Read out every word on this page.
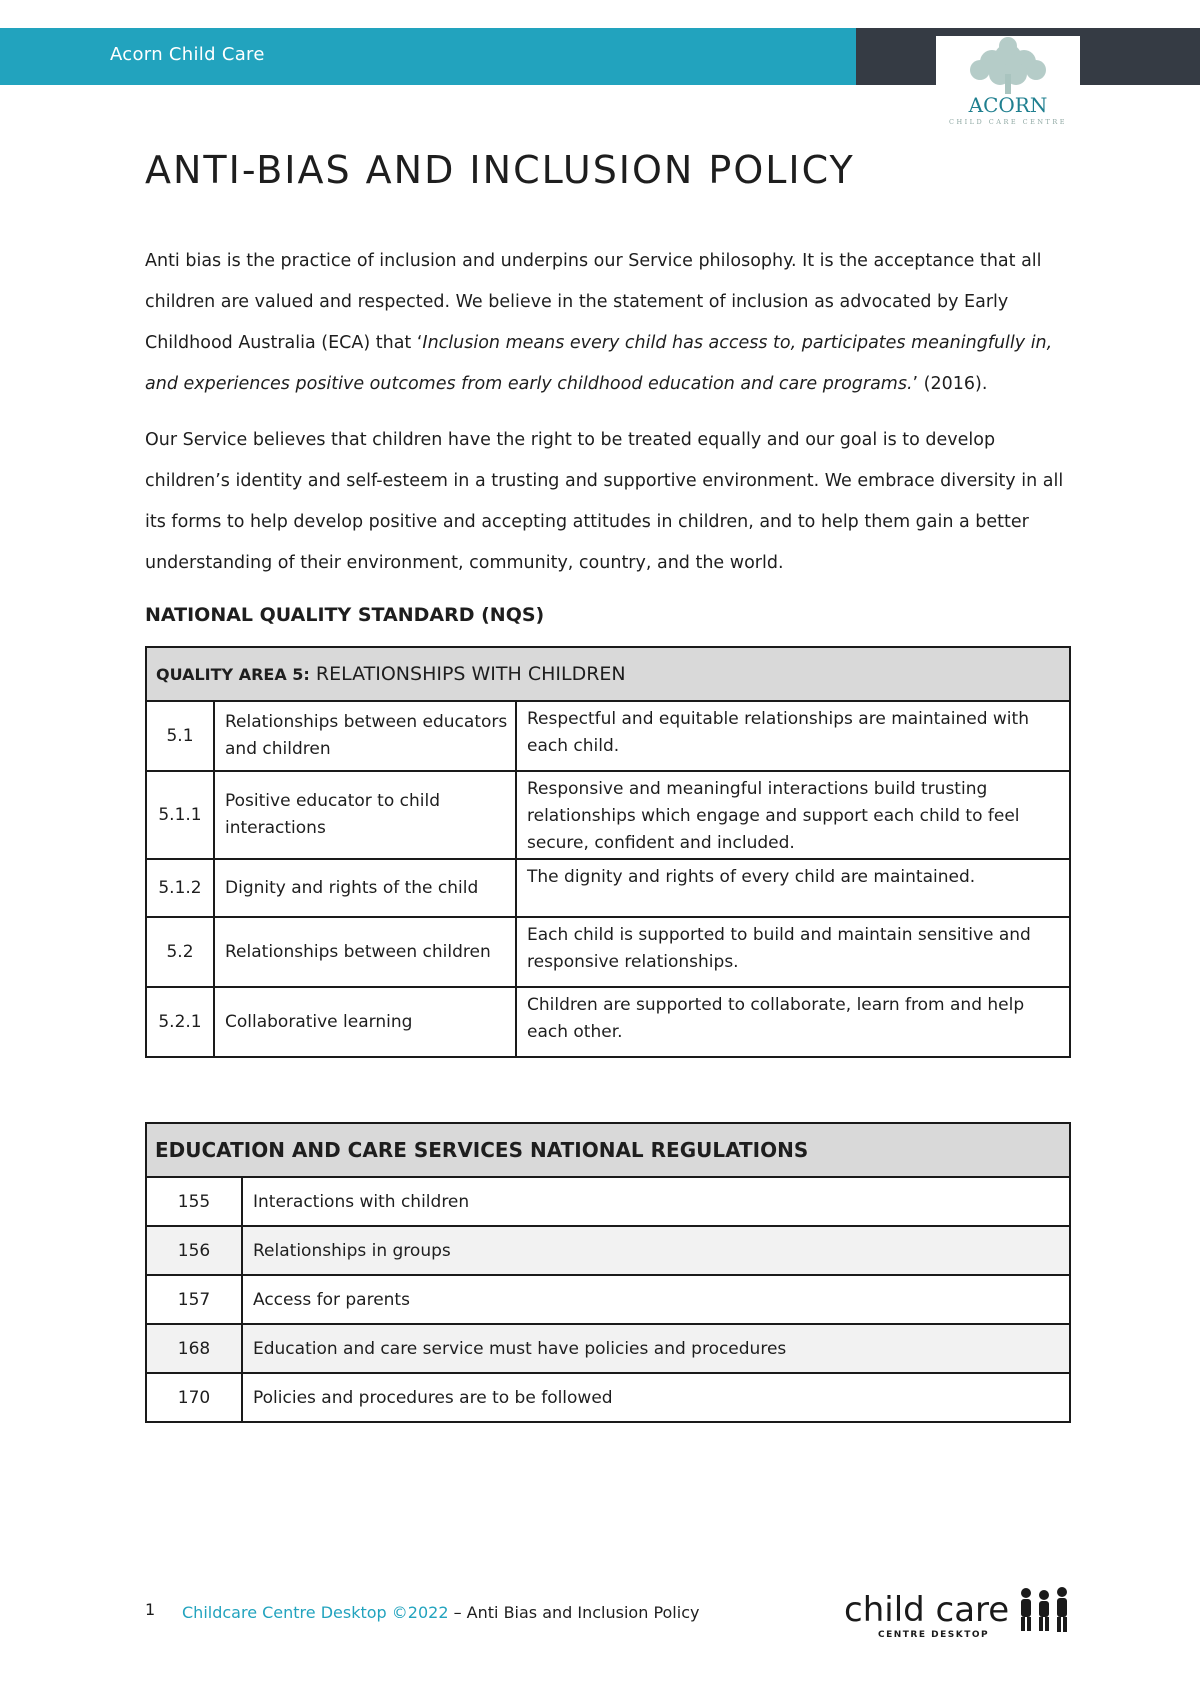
Acorn Child Care
ACORN
CHILD CARE CENTRE
ANTI-BIAS AND INCLUSION POLICY

Anti bias is the practice of inclusion and underpins our Service philosophy. It is the acceptance that all children are valued and respected. We believe in the statement of inclusion as advocated by Early Childhood Australia (ECA) that ‘Inclusion means every child has access to, participates meaningfully in, and experiences positive outcomes from early childhood education and care programs.’ (2016).

Our Service believes that children have the right to be treated equally and our goal is to develop children’s identity and self-esteem in a trusting and supportive environment. We embrace diversity in all its forms to help develop positive and accepting attitudes in children, and to help them gain a better understanding of their environment, community, country, and the world.

NATIONAL QUALITY STANDARD (NQS)
QUALITY AREA 5: RELATIONSHIPS WITH CHILDREN		
5.1	Relationships between educators and children	Respectful and equitable relationships are maintained with each child.
5.1.1	Positive educator to child interactions	Responsive and meaningful interactions build trusting relationships which engage and support each child to feel secure, confident and included.
5.1.2	Dignity and rights of the child	The dignity and rights of every child are maintained.
5.2	Relationships between children	Each child is supported to build and maintain sensitive and responsive relationships.
5.2.1	Collaborative learning	Children are supported to collaborate, learn from and help each other.
EDUCATION AND CARE SERVICES NATIONAL REGULATIONS	
155	Interactions with children
156	Relationships in groups
157	Access for parents
168	Education and care service must have policies and procedures
170	Policies and procedures are to be followed
1 Childcare Centre Desktop ©2022 – Anti Bias and Inclusion Policy	child care
CENTRE DESKTOP
